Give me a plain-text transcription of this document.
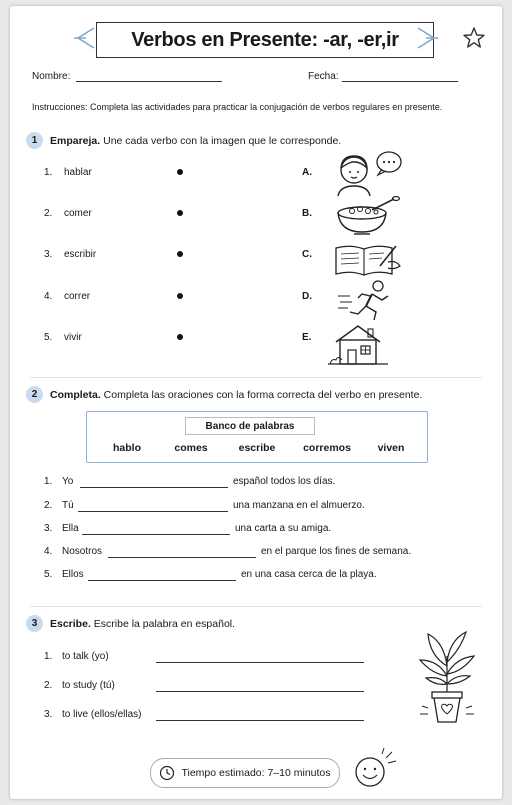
Verbos en Presente: -ar, -er,ir
Nombre:	Fecha:
Instrucciones: Completa las actividades para practicar la conjugación de verbos regulares en presente.
1	Empareja. Une cada verbo con la imagen que le corresponde.
1. hablar	A.
2. comer	B.
3. escribir	C.
4. correr	D.
5. vivir	E.
2	Completa. Completa las oraciones con la forma correcta del verbo en presente.
Banco de palabras
hablo	comes	escribe	corremos	viven
1. Yo	español todos los días.
2. Tú	una manzana en el almuerzo.
3. Ella	una carta a su amiga.
4. Nosotros	en el parque los fines de semana.
5. Ellos	en una casa cerca de la playa.
3	Escribe. Escribe la palabra en español.
1. to talk (yo)
2. to study (tú)
3. to live (ellos/ellas)
Tiempo estimado: 7–10 minutos
